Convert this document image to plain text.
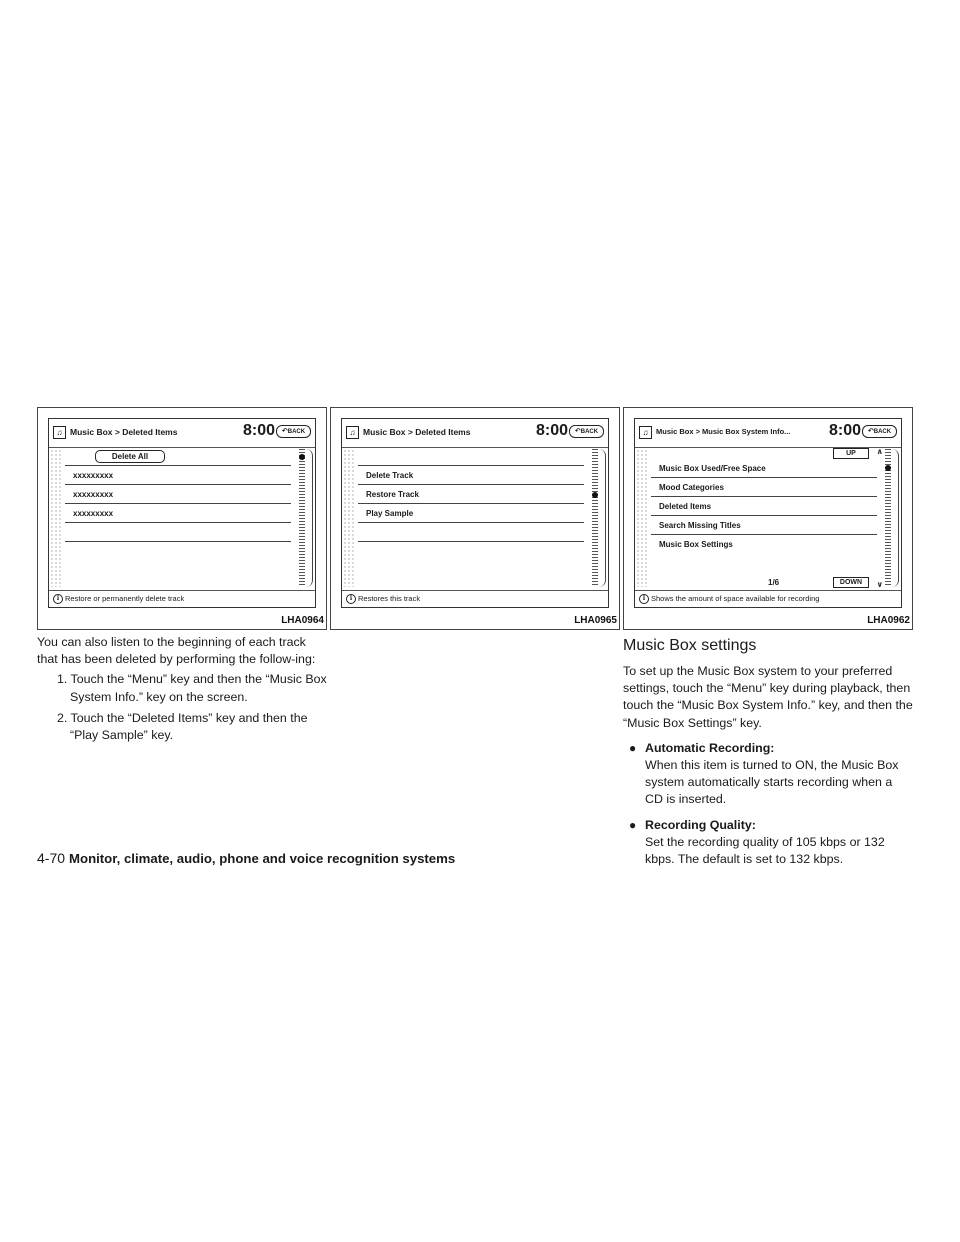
♫ Music Box > Deleted Items	8:00 ↶BACK
Delete All
xxxxxxxxx
xxxxxxxxx
xxxxxxxxx
i Restore or permanently delete track
LHA0964
♫ Music Box > Deleted Items	8:00 ↶BACK
Delete Track
Restore Track
Play Sample
i Restores this track
LHA0965
♫	Music Box > Music Box System Info... 8:00 ↶BACK
UP	∧
Music Box Used/Free Space
Mood Categories
Deleted Items
Search Missing Titles
Music Box Settings
1/6	DOWN	∨
i Shows the amount of space available for recording
LHA0962

You can also listen to the beginning of each track that has been deleted by performing the follow-ing:

1. Touch the “Menu” key and then the “Music Box System Info.” key on the screen.
2. Touch the “Deleted Items” key and then the “Play Sample” key.
Music Box settings

To set up the Music Box system to your preferred settings, touch the “Menu” key during playback, then touch the “Music Box System Info.” key, and then the “Music Box Settings” key.

● Automatic Recording:
When this item is turned to ON, the Music Box system automatically starts recording when a CD is inserted.
● Recording Quality:
Set the recording quality of 105 kbps or 132 kbps. The default is set to 132 kbps.
4-70 Monitor, climate, audio, phone and voice recognition systems
